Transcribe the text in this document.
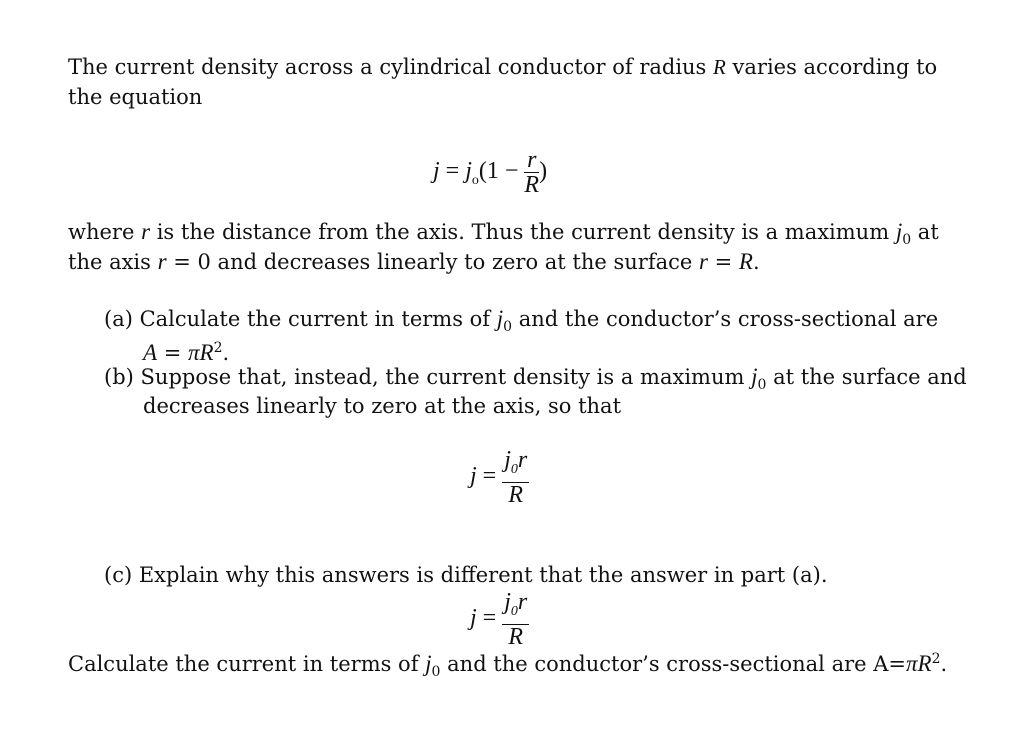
The current density across a cylindrical conductor of radius R varies according to
the equation
$j = j_o(1 - \frac{r}{R}$ )
where r is the distance from the axis. Thus the current density is a maximum $j_0$ at
the axis r = 0 and decreases linearly to zero at the surface r = R.
(a) Calculate the current in terms of $j_0$ and the conductor’s cross-sectional are
$A = \pi R^2$.
(b) Suppose that, instead, the current density is a maximum $j_0$ at the surface and
decreases linearly to zero at the axis, so that
$j = \frac{j_0r}{R}$
(c) Explain why this answers is different that the answer in part (a).
$j = \frac{j_0r}{R}$
Calculate the current in terms of $j_0$ and the conductor’s cross-sectional are $A=\pi R^2$.
